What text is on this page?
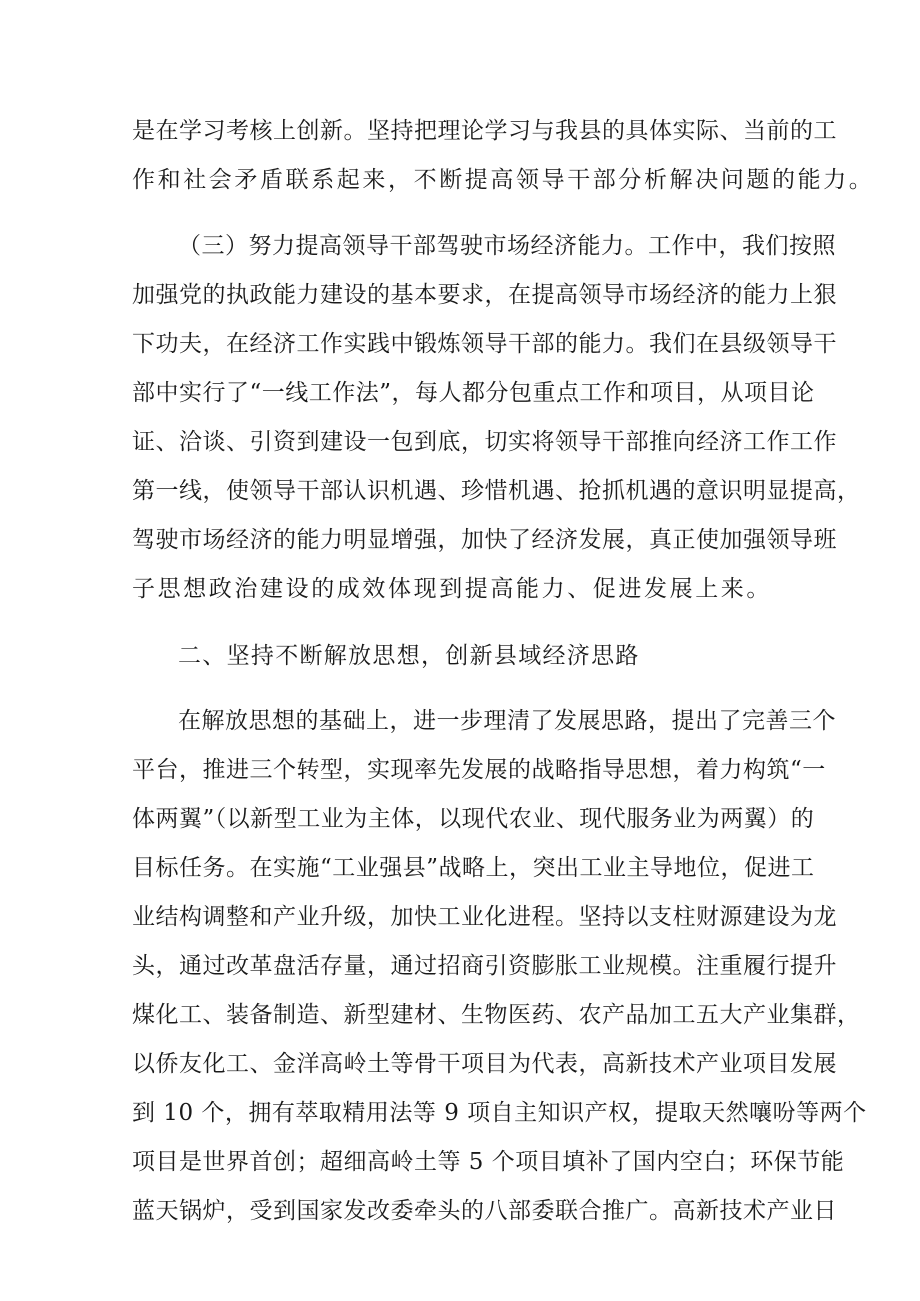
是在学习考核上创新。坚持把理论学习与我县的具体实际、当前的工
作和社会矛盾联系起来，不断提高领导干部分析解决问题的能力。
（三）努力提高领导干部驾驶市场经济能力。工作中，我们按照
加强党的执政能力建设的基本要求，在提高领导市场经济的能力上狠
下功夫，在经济工作实践中锻炼领导干部的能力。我们在县级领导干
部中实行了“一线工作法”，每人都分包重点工作和项目，从项目论
证、洽谈、引资到建设一包到底，切实将领导干部推向经济工作工作
第一线，使领导干部认识机遇、珍惜机遇、抢抓机遇的意识明显提高，
驾驶市场经济的能力明显增强，加快了经济发展，真正使加强领导班
子思想政治建设的成效体现到提高能力、促进发展上来。
二、坚持不断解放思想，创新县域经济思路
在解放思想的基础上，进一步理清了发展思路，提出了完善三个
平台，推进三个转型，实现率先发展的战略指导思想，着力构筑“一
体两翼”（以新型工业为主体，以现代农业、现代服务业为两翼）的
目标任务。在实施“工业强县”战略上，突出工业主导地位，促进工
业结构调整和产业升级，加快工业化进程。坚持以支柱财源建设为龙
头，通过改革盘活存量，通过招商引资膨胀工业规模。注重履行提升
煤化工、装备制造、新型建材、生物医药、农产品加工五大产业集群，
以侨友化工、金洋高岭土等骨干项目为代表，高新技术产业项目发展
到 10 个，拥有萃取精用法等 9 项自主知识产权，提取天然嚷吩等两个
项目是世界首创；超细高岭土等 5 个项目填补了国内空白；环保节能
蓝天锅炉，受到国家发改委牵头的八部委联合推广。高新技术产业日
